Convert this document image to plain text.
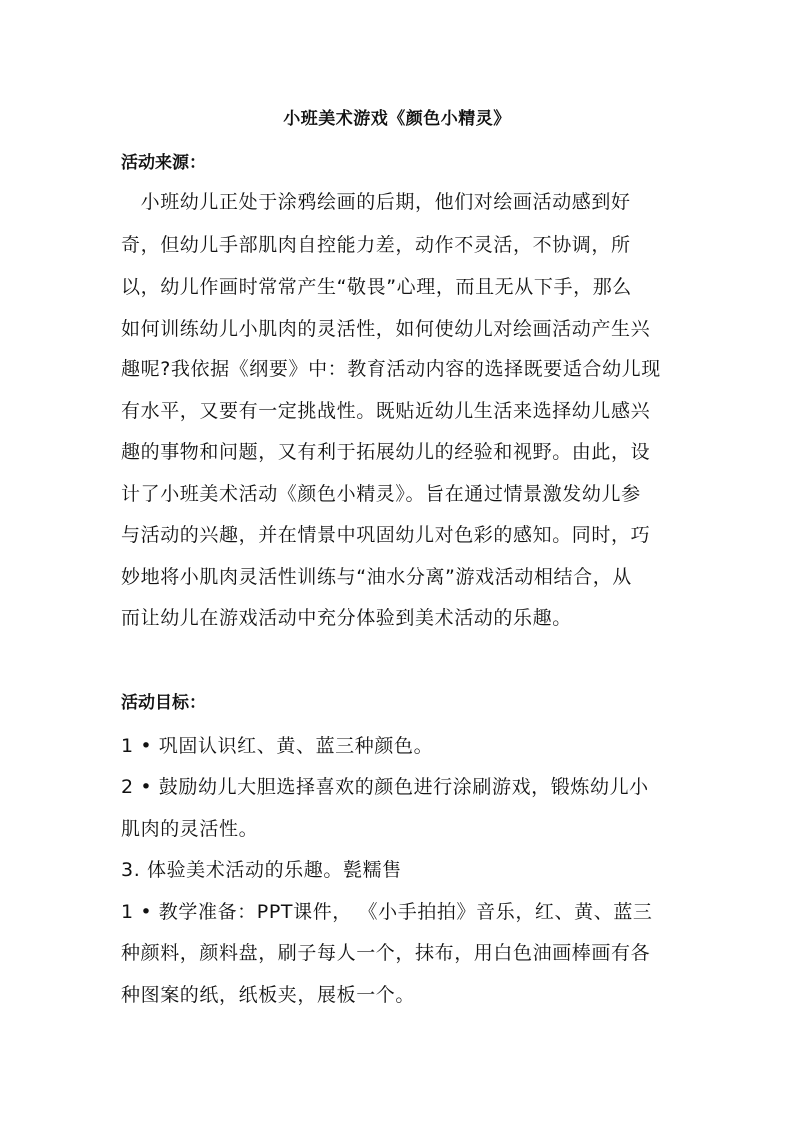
小班美术游戏《颜色小精灵》
活动来源：
　小班幼儿正处于涂鸦绘画的后期，他们对绘画活动感到好
奇，但幼儿手部肌肉自控能力差，动作不灵活，不协调，所
以，幼儿作画时常常产生“敬畏”心理，而且无从下手，那么
如何训练幼儿小肌肉的灵活性，如何使幼儿对绘画活动产生兴
趣呢?我依据《纲要》中：教育活动内容的选择既要适合幼儿现
有水平，又要有一定挑战性。既贴近幼儿生活来选择幼儿感兴
趣的事物和问题，又有利于拓展幼儿的经验和视野。由此，设
计了小班美术活动《颜色小精灵》。旨在通过情景激发幼儿参
与活动的兴趣，并在情景中巩固幼儿对色彩的感知。同时，巧
妙地将小肌肉灵活性训练与“油水分离”游戏活动相结合，从
而让幼儿在游戏活动中充分体验到美术活动的乐趣。
活动目标：
1 • 巩固认识红、黄、蓝三种颜色。
2 • 鼓励幼儿大胆选择喜欢的颜色进行涂刷游戏，锻炼幼儿小
肌肉的灵活性。
3. 体验美术活动的乐趣。甏糯售
1 • 教学准备：PPT课件， 《小手拍拍》音乐，红、黄、蓝三
种颜料，颜料盘，刷子每人一个，抹布，用白色油画棒画有各
种图案的纸，纸板夹，展板一个。
